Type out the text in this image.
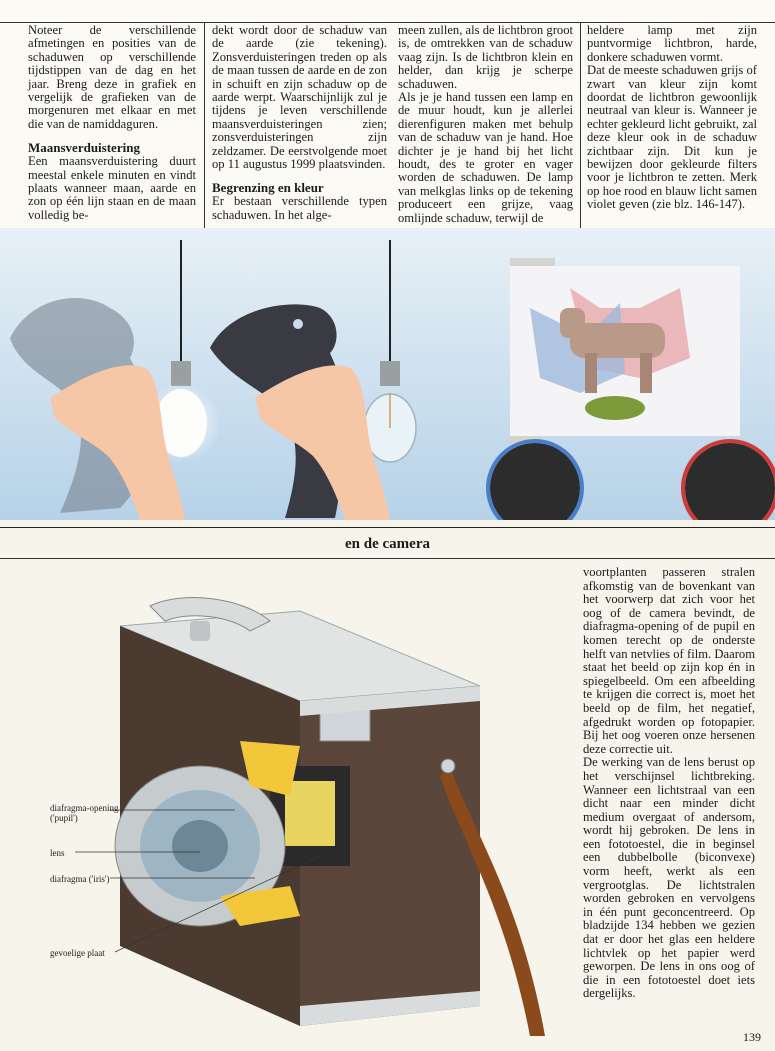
Noteer de verschillende afmetingen en posities van de schaduwen op verschillende tijdstippen van de dag en het jaar. Breng deze in grafiek en vergelijk de grafieken van de morgenuren met elkaar en met die van de namiddaguren.

Maansverduistering

Een maansverduistering duurt meestal enkele minuten en vindt plaats wanneer maan, aarde en zon op één lijn staan en de maan volledig be-

dekt wordt door de schaduw van de aarde (zie tekening). Zonsverduisteringen treden op als de maan tussen de aarde en de zon in schuift en zijn schaduw op de aarde werpt. Waarschijnlijk zul je tijdens je leven verschillende maansverduisteringen zien; zonsverduisteringen zijn zeldzamer. De eerstvolgende moet op 11 augustus 1999 plaatsvinden.

Begrenzing en kleur

Er bestaan verschillende typen schaduwen. In het alge-

meen zullen, als de lichtbron groot is, de omtrekken van de schaduw vaag zijn. Is de lichtbron klein en helder, dan krijg je scherpe schaduwen.

Als je je hand tussen een lamp en de muur houdt, kun je allerlei dierenfiguren maken met behulp van de schaduw van je hand. Hoe dichter je je hand bij het licht houdt, des te groter en vager worden de schaduwen. De lamp van melkglas links op de tekening produceert een grijze, vaag omlijnde schaduw, terwijl de

heldere lamp met zijn puntvormige lichtbron, harde, donkere schaduwen vormt.

Dat de meeste schaduwen grijs of zwart van kleur zijn komt doordat de lichtbron gewoonlijk neutraal van kleur is. Wanneer je echter gekleurd licht gebruikt, zal deze kleur ook in de schaduw zichtbaar zijn. Dit kun je bewijzen door gekleurde filters voor je lichtbron te zetten. Merk op hoe rood en blauw licht samen violet geven (zie blz. 146-147).

en de camera
diafragma-opening
('pupil')
lens
diafragma ('iris')
gevoelige plaat

voortplanten passeren stralen afkomstig van de bovenkant van het voorwerp dat zich voor het oog of de camera bevindt, de diafragma-opening of de pupil en komen terecht op de onderste helft van netvlies of film. Daarom staat het beeld op zijn kop én in spiegelbeeld. Om een afbeelding te krijgen die correct is, moet het beeld op de film, het negatief, afgedrukt worden op fotopapier. Bij het oog voeren onze hersenen deze correctie uit.

De werking van de lens berust op het verschijnsel lichtbreking. Wanneer een lichtstraal van een dicht naar een minder dicht medium overgaat of andersom, wordt hij gebroken. De lens in een fototoestel, die in beginsel een dubbelbolle (biconvexe) vorm heeft, werkt als een vergrootglas. De lichtstralen worden gebroken en vervolgens in één punt geconcentreerd. Op bladzijde 134 hebben we gezien dat er door het glas een heldere lichtvlek op het papier werd geworpen. De lens in ons oog of die in een fototoestel doet iets dergelijks.

139
